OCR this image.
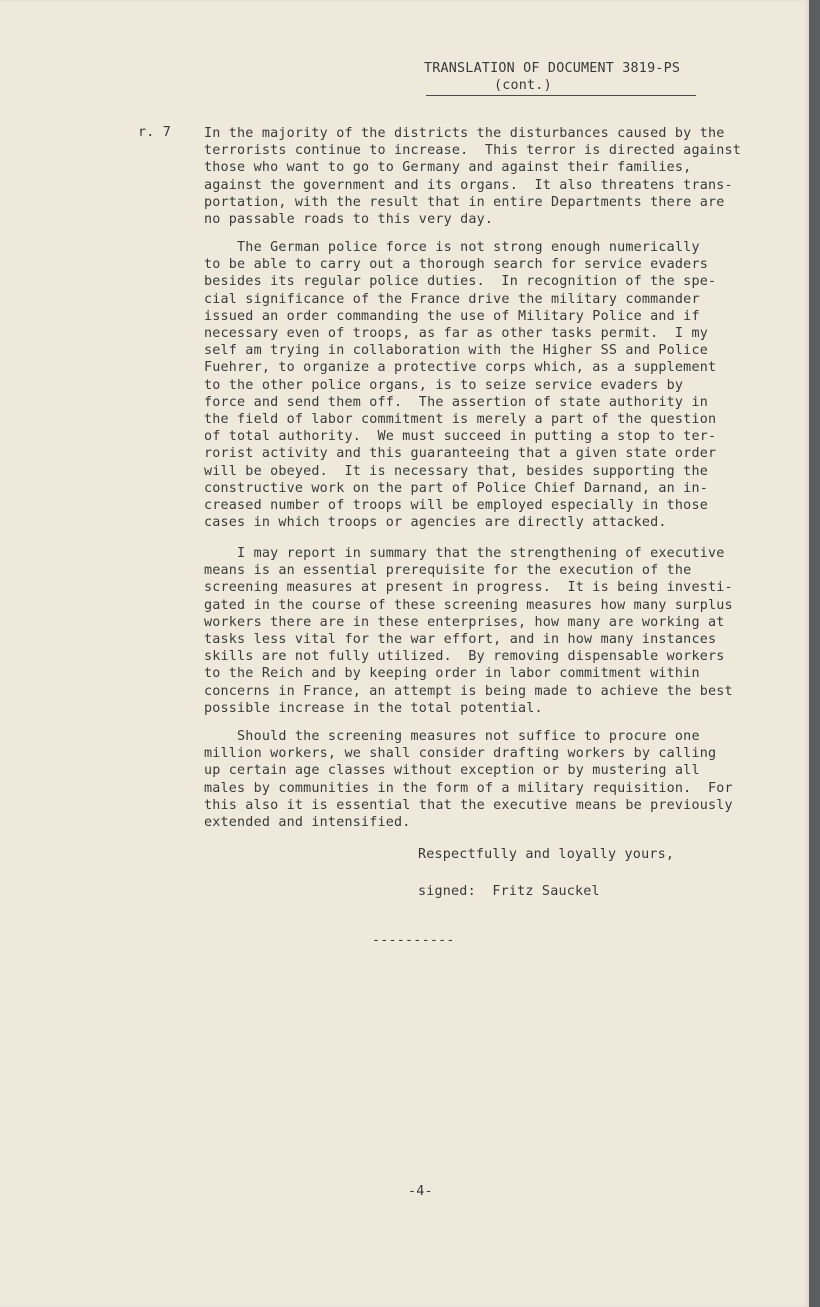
TRANSLATION OF DOCUMENT 3819-PS
(cont.)
r. 7 In the majority of the districts the disturbances caused by the
terrorists continue to increase.  This terror is directed against
those who want to go to Germany and against their families,
against the government and its organs.  It also threatens trans-
portation, with the result that in entire Departments there are
no passable roads to this very day.
The German police force is not strong enough numerically
to be able to carry out a thorough search for service evaders
besides its regular police duties.  In recognition of the spe-
cial significance of the France drive the military commander
issued an order commanding the use of Military Police and if
necessary even of troops, as far as other tasks permit.  I my
self am trying in collaboration with the Higher SS and Police
Fuehrer, to organize a protective corps which, as a supplement
to the other police organs, is to seize service evaders by
force and send them off.  The assertion of state authority in
the field of labor commitment is merely a part of the question
of total authority.  We must succeed in putting a stop to ter-
rorist activity and this guaranteeing that a given state order
will be obeyed.  It is necessary that, besides supporting the
constructive work on the part of Police Chief Darnand, an in-
creased number of troops will be employed especially in those
cases in which troops or agencies are directly attacked.
I may report in summary that the strengthening of executive
means is an essential prerequisite for the execution of the
screening measures at present in progress.  It is being investi-
gated in the course of these screening measures how many surplus
workers there are in these enterprises, how many are working at
tasks less vital for the war effort, and in how many instances
skills are not fully utilized.  By removing dispensable workers
to the Reich and by keeping order in labor commitment within
concerns in France, an attempt is being made to achieve the best
possible increase in the total potential.
Should the screening measures not suffice to procure one
million workers, we shall consider drafting workers by calling
up certain age classes without exception or by mustering all
males by communities in the form of a military requisition.  For
this also it is essential that the executive means be previously
extended and intensified.
Respectfully and loyally yours,
signed:  Fritz Sauckel
----------
-4-
